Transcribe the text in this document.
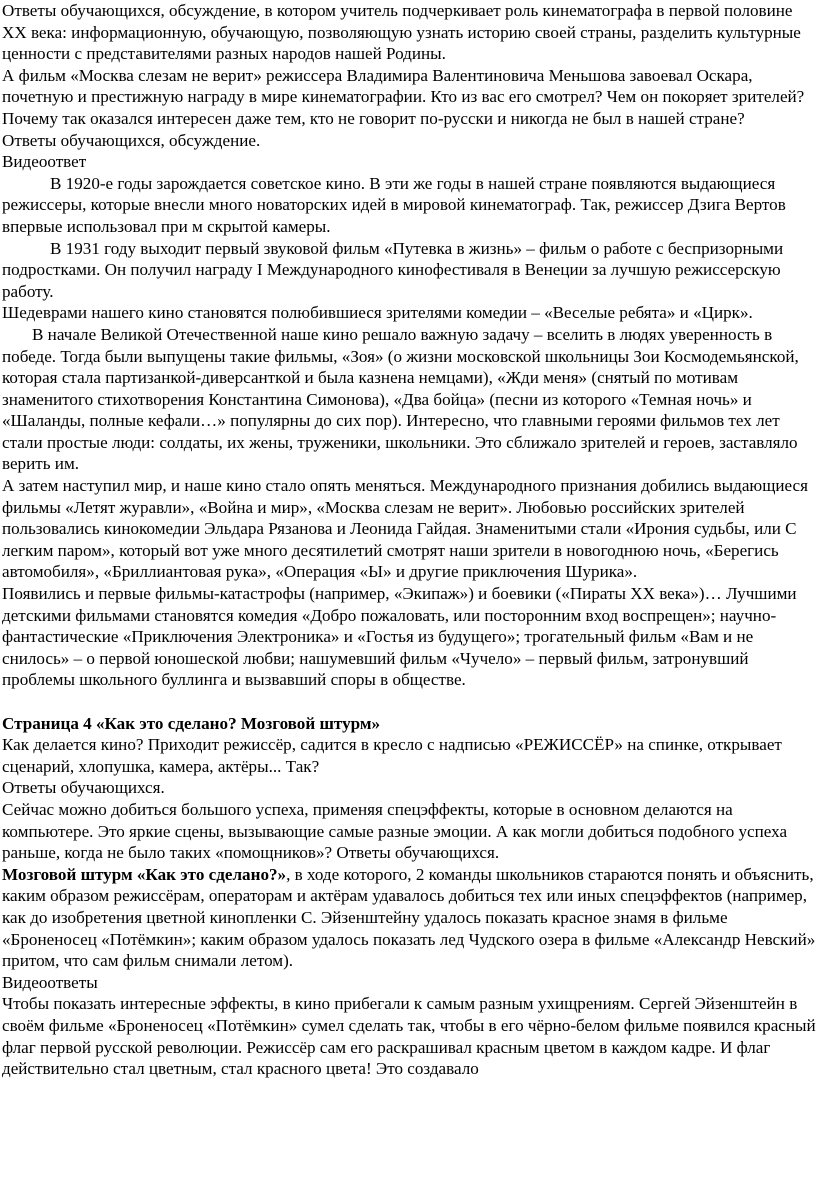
Ответы обучающихся, обсуждение, в котором учитель подчеркивает роль кинематографа в первой половине ХХ века: информационную, обучающую, позволяющую узнать историю своей страны, разделить культурные ценности с представителями разных народов нашей Родины.

А фильм «Москва слезам не верит» режиссера Владимира Валентиновича Меньшова завоевал Оскара, почетную и престижную награду в мире кинематографии. Кто из вас его смотрел? Чем он покоряет зрителей? Почему так оказался интересен даже тем, кто не говорит по-русски и никогда не был в нашей стране?

Ответы обучающихся, обсуждение.

Видеоответ

В 1920-е годы зарождается советское кино. В эти же годы в нашей стране появляются выдающиеся режиссеры, которые внесли много новаторских идей в мировой кинематограф. Так, режиссер Дзига Вертов впервые использовал при м скрытой камеры.

В 1931 году выходит первый звуковой фильм «Путевка в жизнь» – фильм о работе с беспризорными подростками. Он получил награду I Международного кинофестиваля в Венеции за лучшую режиссерскую работу.

Шедеврами нашего кино становятся полюбившиеся зрителями комедии – «Веселые ребята» и «Цирк».

В начале Великой Отечественной наше кино решало важную задачу – вселить в людях уверенность в победе. Тогда были выпущены такие фильмы, «Зоя» (о жизни московской школьницы Зои Космодемьянской, которая стала партизанкой-диверсанткой и была казнена немцами), «Жди меня» (снятый по мотивам знаменитого стихотворения Константина Симонова), «Два бойца» (песни из которого «Темная ночь» и «Шаланды, полные кефали…» популярны до сих пор). Интересно, что главными героями фильмов тех лет стали простые люди: солдаты, их жены, труженики, школьники. Это сближало зрителей и героев, заставляло верить им.

А затем наступил мир, и наше кино стало опять меняться. Международного признания добились выдающиеся фильмы «Летят журавли», «Война и мир», «Москва слезам не верит». Любовью российских зрителей пользовались кинокомедии Эльдара Рязанова и Леонида Гайдая. Знаменитыми стали «Ирония судьбы, или С легким паром», который вот уже много десятилетий смотрят наши зрители в новогоднюю ночь, «Берегись автомобиля», «Бриллиантовая рука», «Операция «Ы» и другие приключения Шурика».

Появились и первые фильмы-катастрофы (например, «Экипаж») и боевики («Пираты ХХ века»)… Лучшими детскими фильмами становятся комедия «Добро пожаловать, или посторонним вход воспрещен»; научно-фантастические «Приключения Электроника» и «Гостья из будущего»; трогательный фильм «Вам и не снилось» – о первой юношеской любви; нашумевший фильм «Чучело» – первый фильм, затронувший проблемы школьного буллинга и вызвавший споры в обществе.

Страница 4 «Как это сделано? Мозговой штурм»

Как делается кино? Приходит режиссёр, садится в кресло с надписью «РЕЖИССЁР» на спинке, открывает сценарий, хлопушка, камера, актёры... Так?

Ответы обучающихся.

Сейчас можно добиться большого успеха, применяя спецэффекты, которые в основном делаются на компьютере. Это яркие сцены, вызывающие самые разные эмоции. А как могли добиться подобного успеха раньше, когда не было таких «помощников»? Ответы обучающихся.

Мозговой штурм «Как это сделано?», в ходе которого, 2 команды школьников стараются понять и объяснить, каким образом режиссёрам, операторам и актёрам удавалось добиться тех или иных спецэффектов (например, как до изобретения цветной кинопленки С. Эйзенштейну удалось показать красное знамя в фильме «Броненосец «Потёмкин»; каким образом удалось показать лед Чудского озера в фильме «Александр Невский» притом, что сам фильм снимали летом).

Видеоответы

Чтобы показать интересные эффекты, в кино прибегали к самым разным ухищрениям. Сергей Эйзенштейн в своём фильме «Броненосец «Потёмкин» сумел сделать так, чтобы в его чёрно-белом фильме появился красный флаг первой русской революции. Режиссёр сам его раскрашивал красным цветом в каждом кадре. И флаг действительно стал цветным, стал красного цвета! Это создавало
